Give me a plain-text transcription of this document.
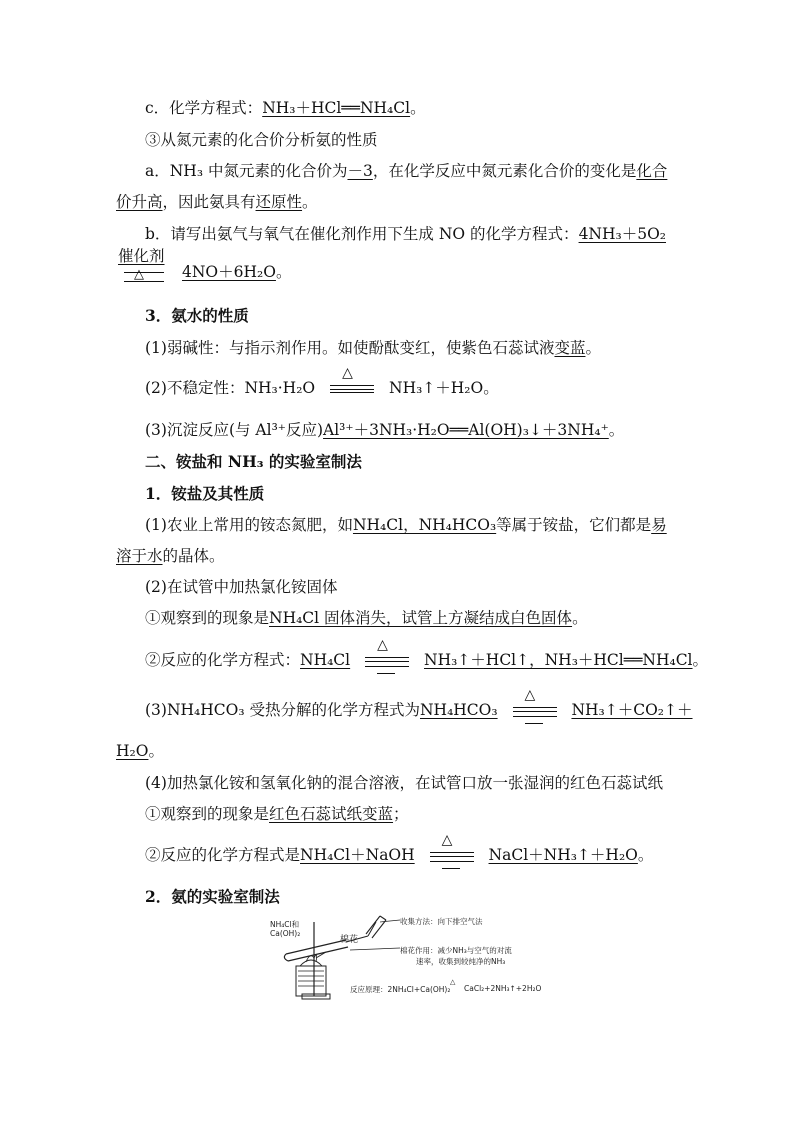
c．化学方程式：NH₃＋HCl══NH₄Cl。
③从氮元素的化合价分析氨的性质
a．NH₃ 中氮元素的化合价为－3，在化学反应中氮元素化合价的变化是化合
价升高，因此氨具有还原性。
b．请写出氨气与氧气在催化剂作用下生成 NO 的化学方程式：4NH₃＋5O₂
催化剂
△ 4NO＋6H₂O。
3．氨水的性质
(1)弱碱性：与指示剂作用。如使酚酞变红，使紫色石蕊试液变蓝。
(2)不稳定性：NH₃·H₂O
△
NH₃↑＋H₂O。
(3)沉淀反应(与 Al³⁺反应)Al³⁺＋3NH₃·H₂O══Al(OH)₃↓＋3NH₄⁺。
二、铵盐和 NH₃ 的实验室制法
1．铵盐及其性质
(1)农业上常用的铵态氮肥，如NH₄Cl，NH₄HCO₃等属于铵盐，它们都是易
溶于水的晶体。
(2)在试管中加热氯化铵固体
①观察到的现象是NH₄Cl 固体消失，试管上方凝结成白色固体。
②反应的化学方程式：NH₄Cl
△
NH₃↑＋HCl↑，NH₃＋HCl══NH₄Cl。
(3)NH₄HCO₃ 受热分解的化学方程式为NH₄HCO₃
△
NH₃↑＋CO₂↑＋
H₂O。
(4)加热氯化铵和氢氧化钠的混合溶液，在试管口放一张湿润的红色石蕊试纸
①观察到的现象是红色石蕊试纸变蓝；
②反应的化学方程式是NH₄Cl＋NaOH
△
NaCl＋NH₃↑＋H₂O。
2．氨的实验室制法
NH₄Cl和
Ca(OH)₂
棉花
收集方法：向下排空气法
棉花作用：减少NH₃与空气的对流
速率，收集到较纯净的NH₃
反应原理：2NH₄Cl+Ca(OH)₂
△
CaCl₂+2NH₃↑+2H₂O
